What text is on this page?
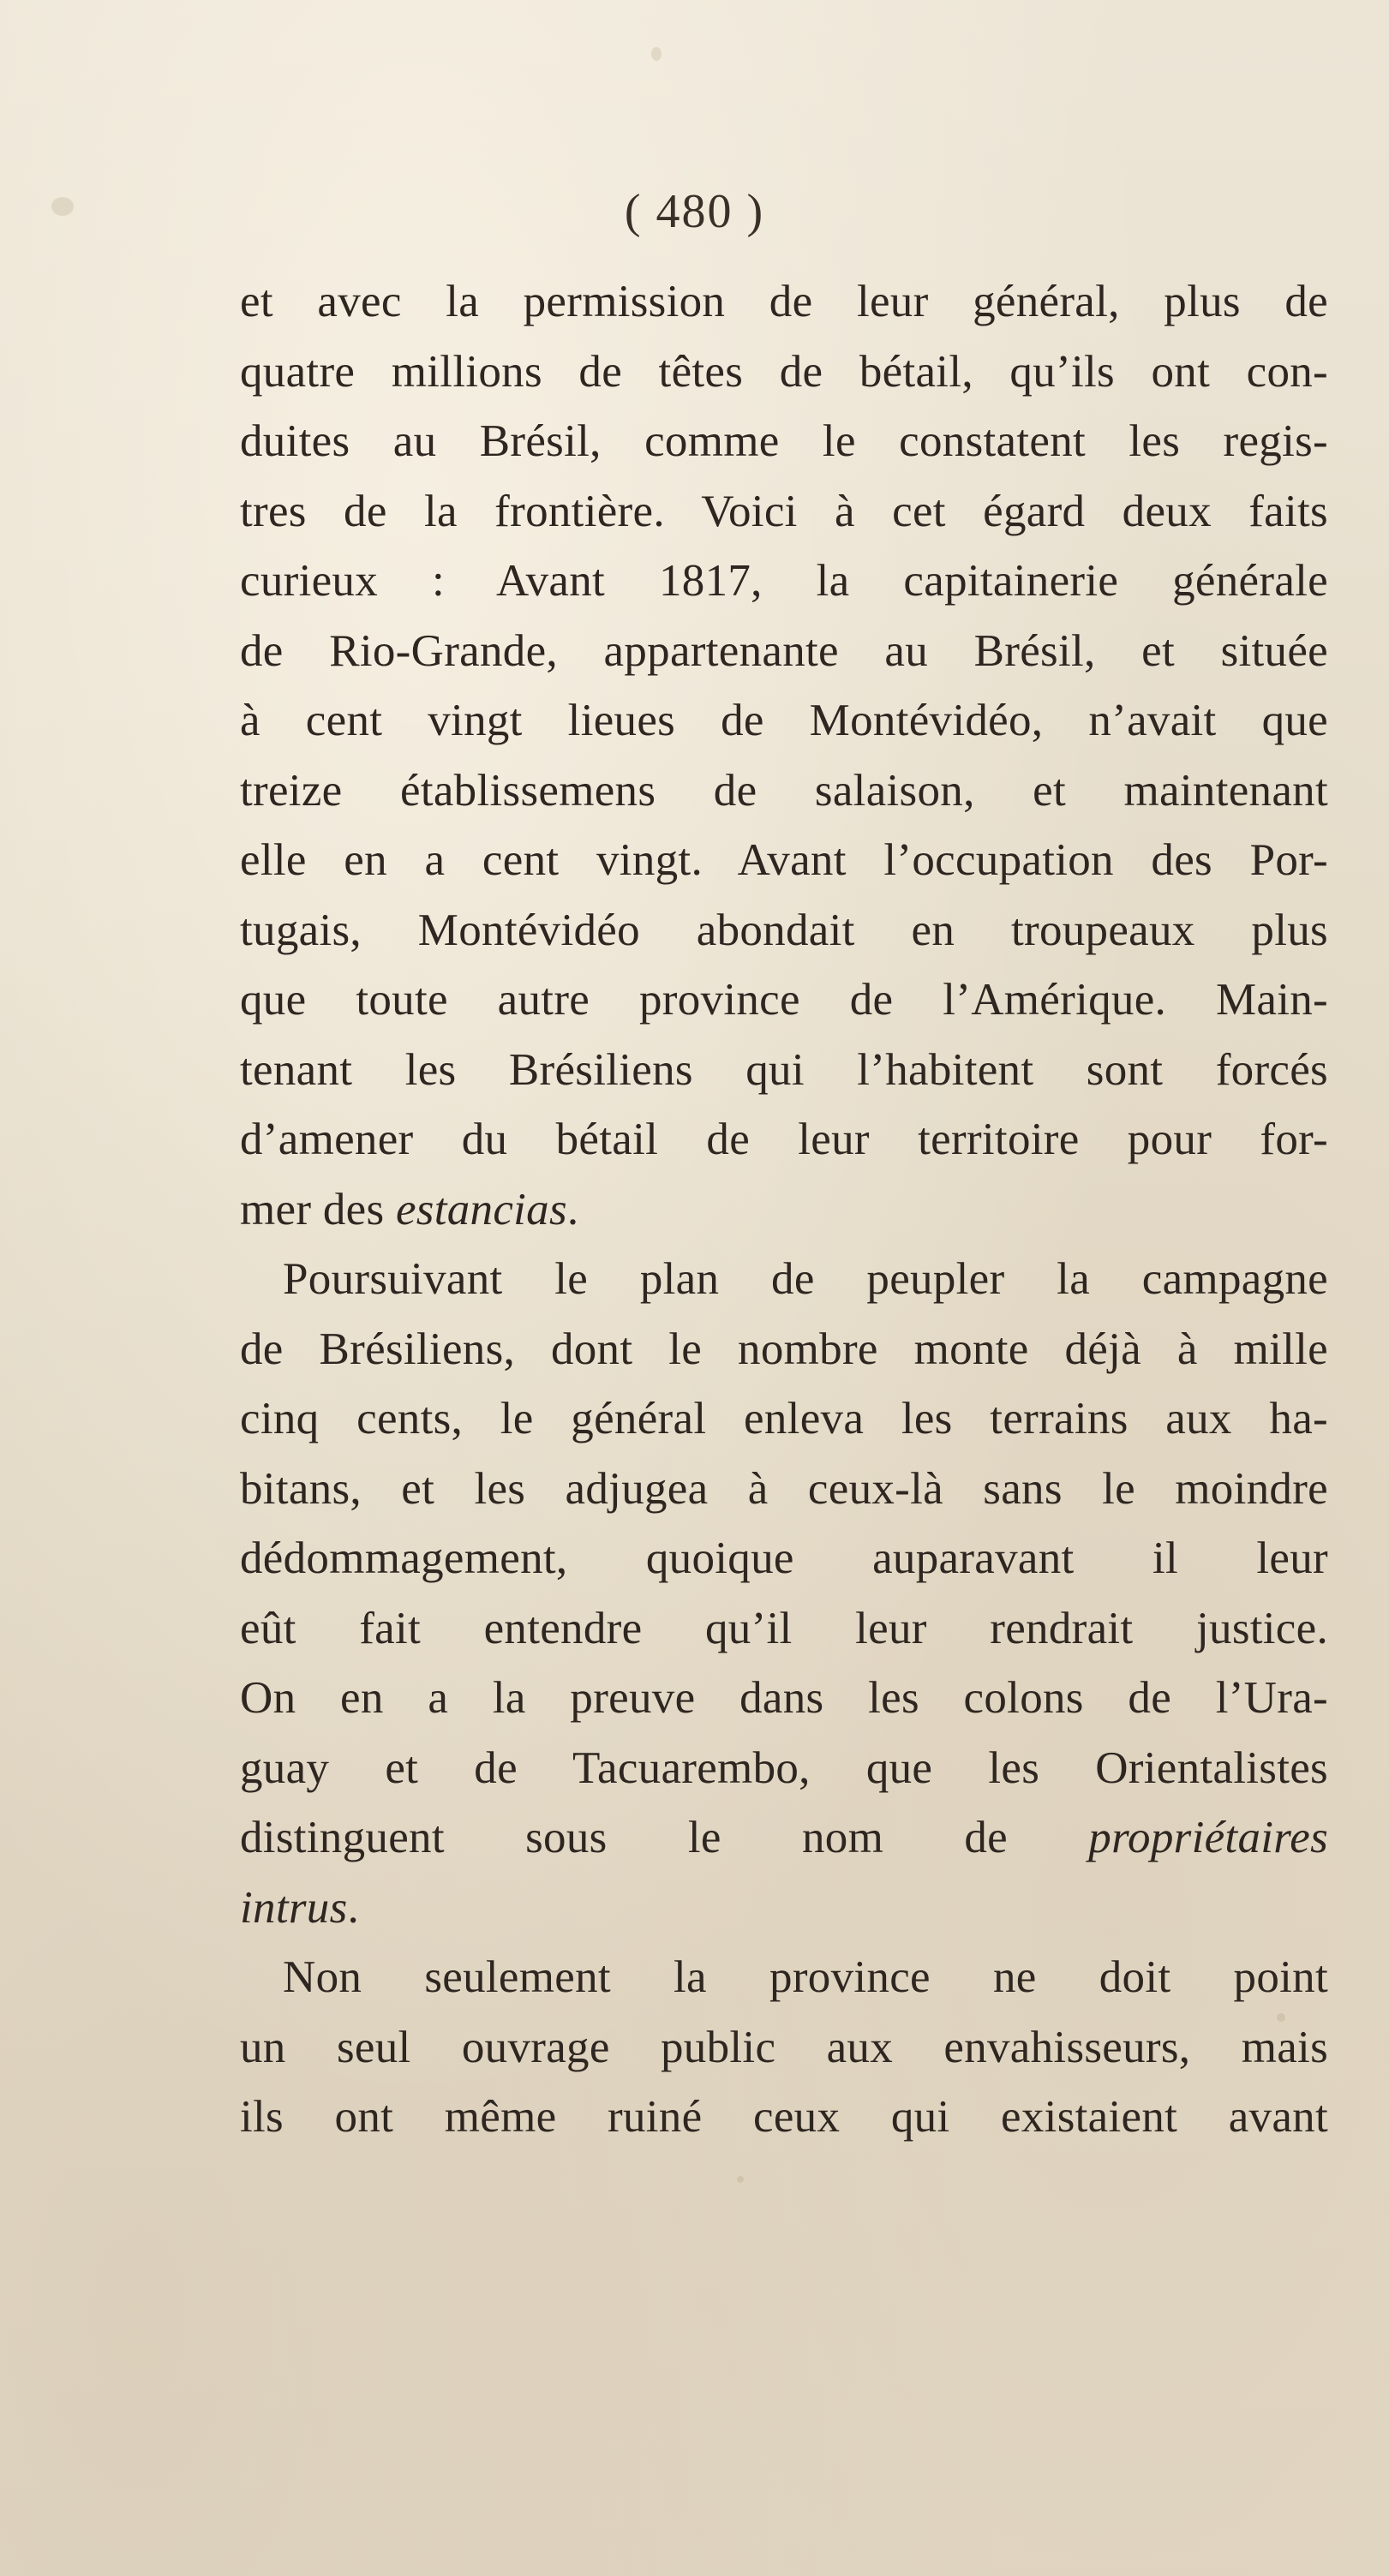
( 480 )
et avec la permission de leur général, plus de
quatre millions de têtes de bétail, qu’ils ont con-
duites au Brésil, comme le constatent les regis-
tres de la frontière. Voici à cet égard deux faits
curieux : Avant 1817, la capitainerie générale
de Rio-Grande, appartenante au Brésil, et située
à cent vingt lieues de Montévidéo, n’avait que
treize établissemens de salaison, et maintenant
elle en a cent vingt. Avant l’occupation des Por-
tugais, Montévidéo abondait en troupeaux plus
que toute autre province de l’Amérique. Main-
tenant les Brésiliens qui l’habitent sont forcés
d’amener du bétail de leur territoire pour for-
mer des estancias.
Poursuivant le plan de peupler la campagne
de Brésiliens, dont le nombre monte déjà à mille
cinq cents, le général enleva les terrains aux ha-
bitans, et les adjugea à ceux-là sans le moindre
dédommagement, quoique auparavant il leur
eût fait entendre qu’il leur rendrait justice.
On en a la preuve dans les colons de l’Ura-
guay et de Tacuarembo, que les Orientalistes
distinguent sous le nom de propriétaires
intrus.
Non seulement la province ne doit point
un seul ouvrage public aux envahisseurs, mais
ils ont même ruiné ceux qui existaient avant
